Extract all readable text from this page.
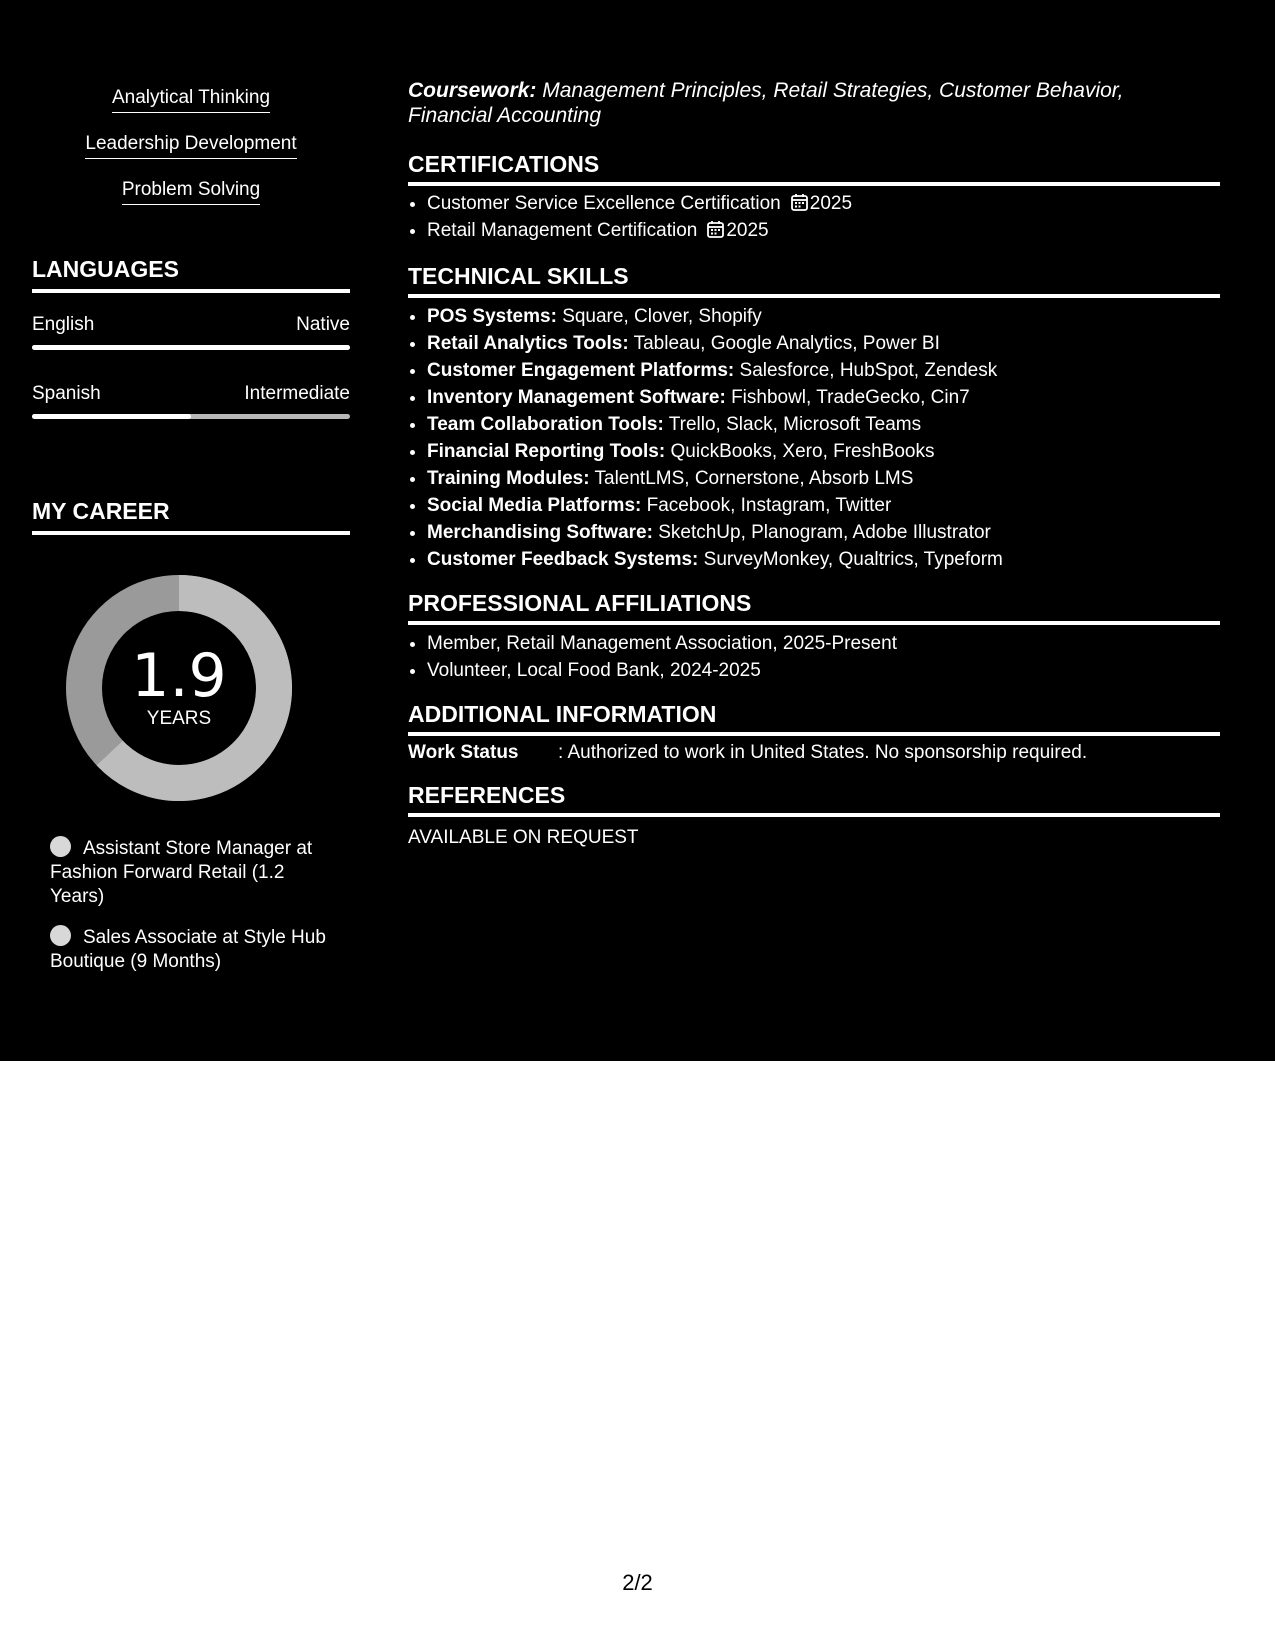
Analytical Thinking
Leadership Development
Problem Solving
LANGUAGES
English	Native
Spanish	Intermediate
MY CAREER
1.9
YEARS
Assistant Store Manager at Fashion Forward Retail (1.2 Years)
Sales Associate at Style Hub Boutique (9 Months)
Coursework: Management Principles, Retail Strategies, Customer Behavior, Financial Accounting
CERTIFICATIONS
• Customer Service Excellence Certification 2025
• Retail Management Certification 2025
TECHNICAL SKILLS
• POS Systems: Square, Clover, Shopify
• Retail Analytics Tools: Tableau, Google Analytics, Power BI
• Customer Engagement Platforms: Salesforce, HubSpot, Zendesk
• Inventory Management Software: Fishbowl, TradeGecko, Cin7
• Team Collaboration Tools: Trello, Slack, Microsoft Teams
• Financial Reporting Tools: QuickBooks, Xero, FreshBooks
• Training Modules: TalentLMS, Cornerstone, Absorb LMS
• Social Media Platforms: Facebook, Instagram, Twitter
• Merchandising Software: SketchUp, Planogram, Adobe Illustrator
• Customer Feedback Systems: SurveyMonkey, Qualtrics, Typeform
PROFESSIONAL AFFILIATIONS
• Member, Retail Management Association, 2025-Present
• Volunteer, Local Food Bank, 2024-2025
ADDITIONAL INFORMATION
Work Status : Authorized to work in United States. No sponsorship required.
REFERENCES
AVAILABLE ON REQUEST
2/2
